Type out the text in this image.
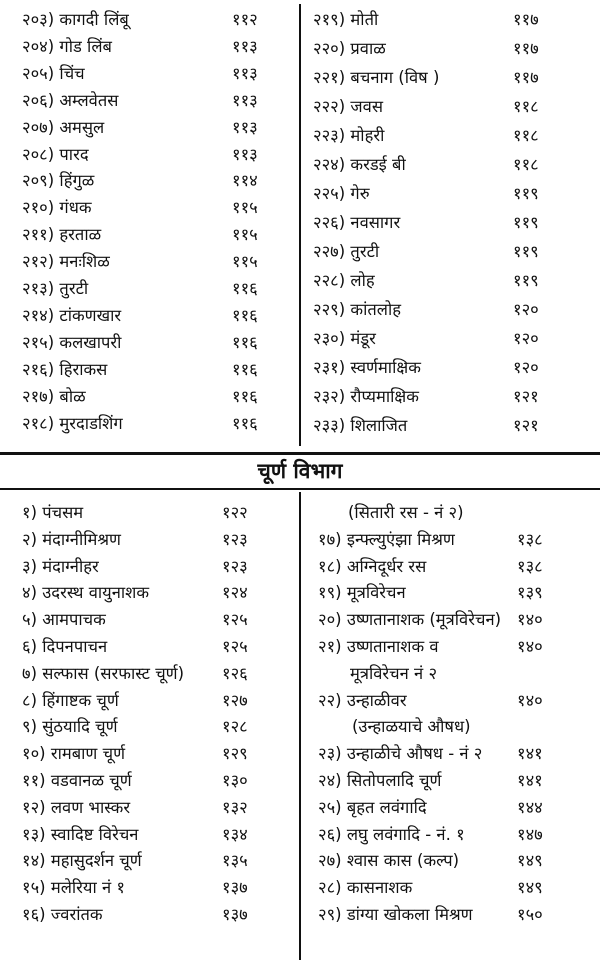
२०३) कागदी लिंबू	११२
२०४) गोड लिंब	११३
२०५) चिंच	११३
२०६) अम्लवेतस	११३
२०७) अमसुल	११३
२०८) पारद	११३
२०९) हिंगुळ	११४
२१०) गंधक	११५
२११) हरताळ	११५
२१२) मनःशिळ	११५
२१३) तुरटी	११६
२१४) टांकणखार	११६
२१५) कलखापरी	११६
२१६) हिराकस	११६
२१७) बोळ	११६
२१८) मुरदाडशिंग	११६
२१९) मोती	११७
२२०) प्रवाळ	११७
२२१) बचनाग (विष )	११७
२२२) जवस	११८
२२३) मोहरी	११८
२२४) करडई बी	११८
२२५) गेरु	११९
२२६) नवसागर	११९
२२७) तुरटी	११९
२२८) लोह	११९
२२९) कांतलोह	१२०
२३०) मंडूर	१२०
२३१) स्वर्णमाक्षिक	१२०
२३२) रौप्यमाक्षिक	१२१
२३३) शिलाजित	१२१
चूर्ण विभाग
१) पंचसम	१२२
२) मंदाग्नीमिश्रण	१२३
३) मंदाग्नीहर	१२३
४) उदरस्थ वायुनाशक	१२४
५) आमपाचक	१२५
६) दिपनपाचन	१२५
७) सल्फास (सरफास्ट चूर्ण) १२६
८) हिंगाष्टक चूर्ण	१२७
९) सुंठयादि चूर्ण	१२८
१०) रामबाण चूर्ण	१२९
११) वडवानळ चूर्ण	१३०
१२) लवण भास्कर	१३२
१३) स्वादिष्ट विरेचन	१३४
१४) महासुदर्शन चूर्ण	१३५
१५) मलेरिया नं १	१३७
१६) ज्वरांतक	१३७
(सितारी रस - नं २)
१७) इन्फ्ल्युएंझा मिश्रण	१३८
१८) अग्निदूर्धर रस	१३८
१९) मूत्रविरेचन	१३९
२०) उष्णतानाशक (मूत्रविरेचन) १४०
२१) उष्णतानाशक व	१४०
मूत्रविरेचन नं २
२२) उन्हाळीवर	१४०
(उन्हाळयाचे औषध)
२३) उन्हाळीचे औषध - नं २ १४१
२४) सितोपलादि चूर्ण	१४१
२५) बृहत लवंगादि	१४४
२६) लघु लवंगादि - नं. १	१४७
२७) श्वास कास (कल्प)	१४९
२८) कासनाशक	१४९
२९) डांग्या खोकला मिश्रण	१५०
